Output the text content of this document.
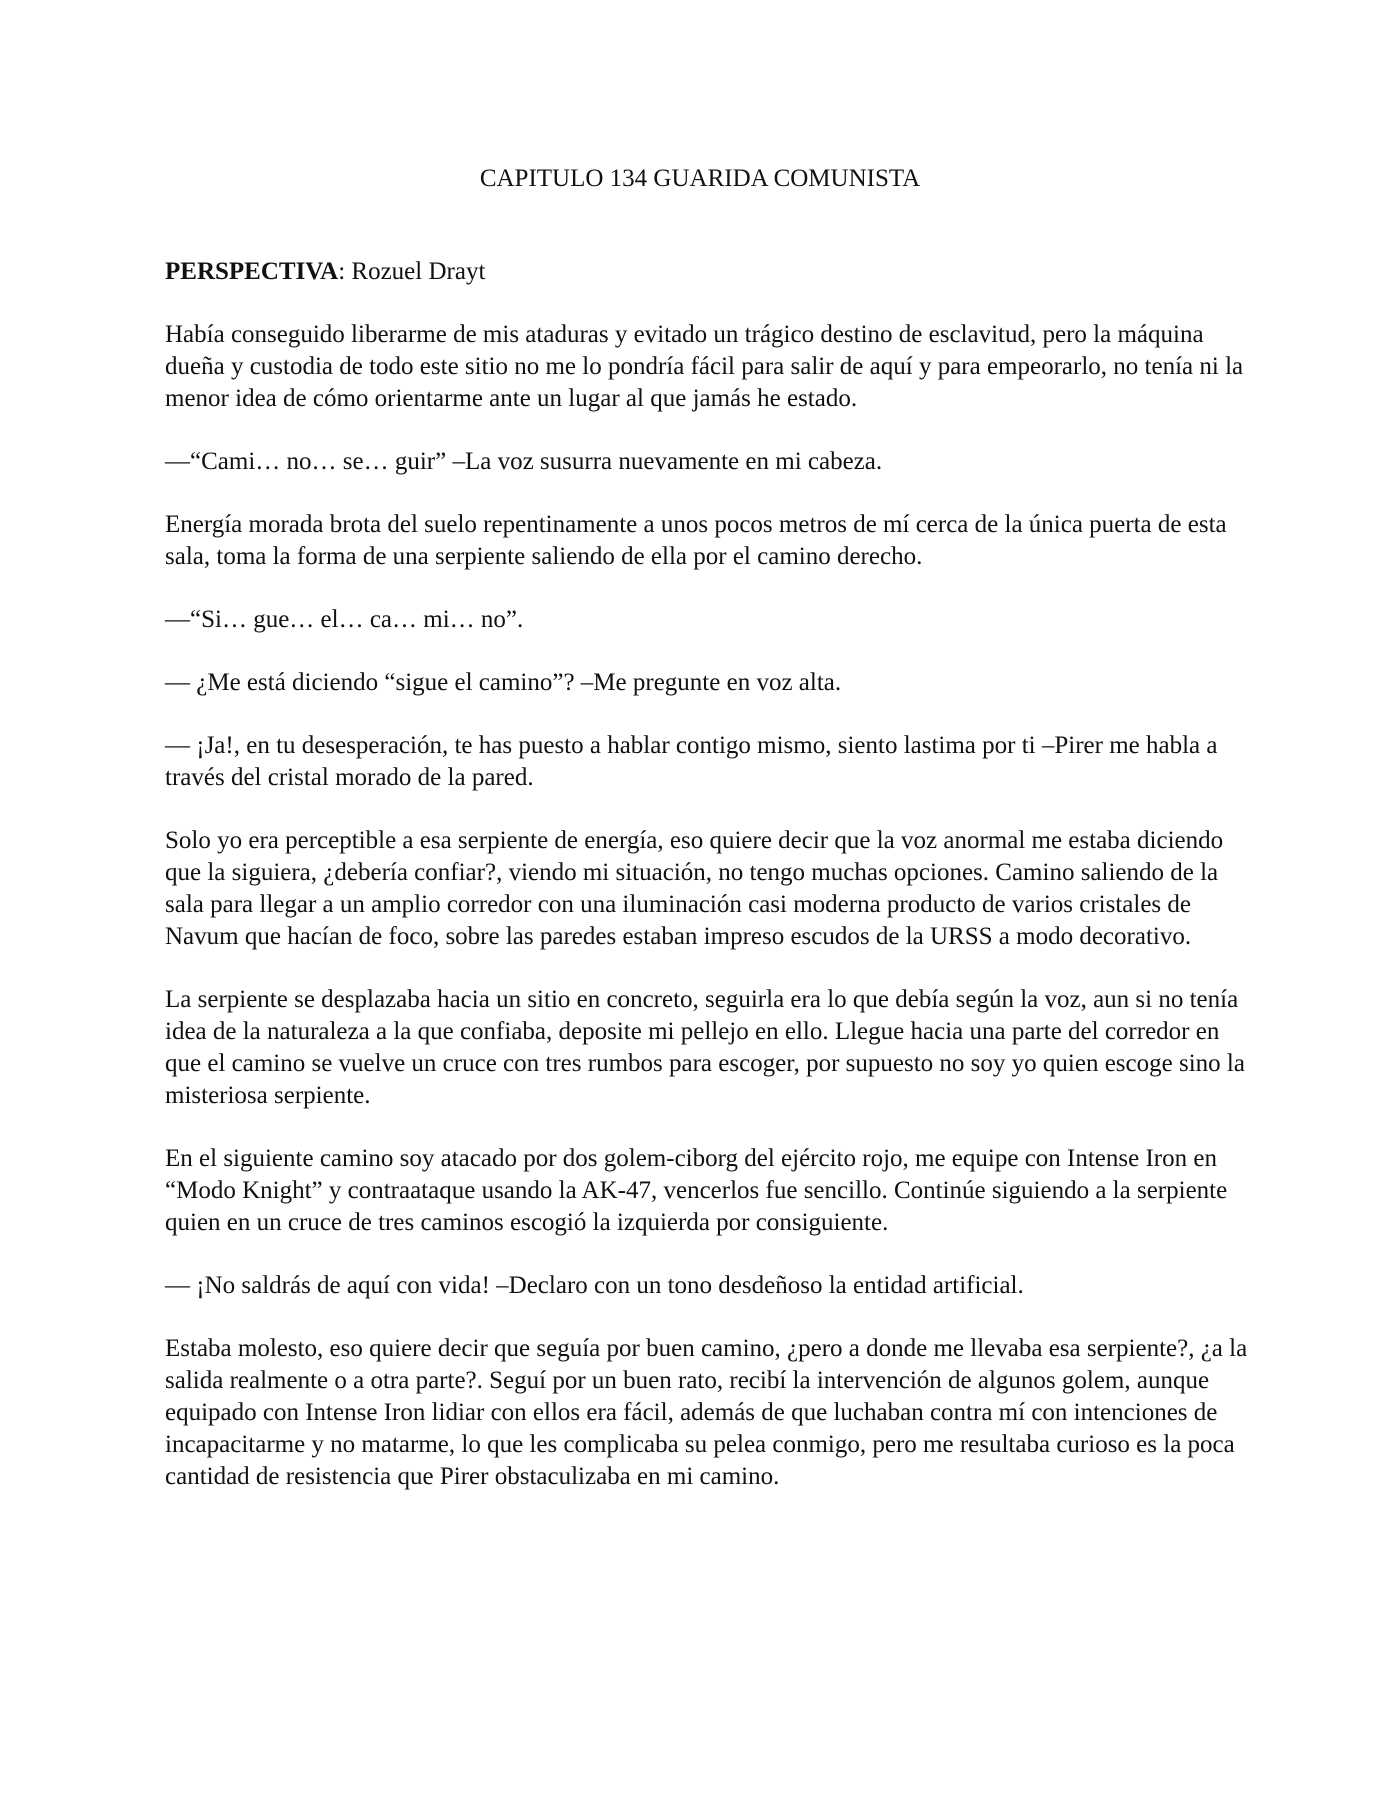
CAPITULO 134 GUARIDA COMUNISTA

PERSPECTIVA: Rozuel Drayt

Había conseguido liberarme de mis ataduras y evitado un trágico destino de esclavitud, pero la máquina dueña y custodia de todo este sitio no me lo pondría fácil para salir de aquí y para empeorarlo, no tenía ni la menor idea de cómo orientarme ante un lugar al que jamás he estado.

—“Cami… no… se… guir” –La voz susurra nuevamente en mi cabeza.

Energía morada brota del suelo repentinamente a unos pocos metros de mí cerca de la única puerta de esta sala, toma la forma de una serpiente saliendo de ella por el camino derecho.

—“Si… gue… el… ca… mi… no”.

— ¿Me está diciendo “sigue el camino”? –Me pregunte en voz alta.

— ¡Ja!, en tu desesperación, te has puesto a hablar contigo mismo, siento lastima por ti –Pirer me habla a través del cristal morado de la pared.

Solo yo era perceptible a esa serpiente de energía, eso quiere decir que la voz anormal me estaba diciendo que la siguiera, ¿debería confiar?, viendo mi situación, no tengo muchas opciones. Camino saliendo de la sala para llegar a un amplio corredor con una iluminación casi moderna producto de varios cristales de Navum que hacían de foco, sobre las paredes estaban impreso escudos de la URSS a modo decorativo.

La serpiente se desplazaba hacia un sitio en concreto, seguirla era lo que debía según la voz, aun si no tenía idea de la naturaleza a la que confiaba, deposite mi pellejo en ello. Llegue hacia una parte del corredor en que el camino se vuelve un cruce con tres rumbos para escoger, por supuesto no soy yo quien escoge sino la misteriosa serpiente.

En el siguiente camino soy atacado por dos golem-ciborg del ejército rojo, me equipe con Intense Iron en “Modo Knight” y contraataque usando la AK-47, vencerlos fue sencillo. Continúe siguiendo a la serpiente quien en un cruce de tres caminos escogió la izquierda por consiguiente.

— ¡No saldrás de aquí con vida! –Declaro con un tono desdeñoso la entidad artificial.

Estaba molesto, eso quiere decir que seguía por buen camino, ¿pero a donde me llevaba esa serpiente?, ¿a la salida realmente o a otra parte?. Seguí por un buen rato, recibí la intervención de algunos golem, aunque equipado con Intense Iron lidiar con ellos era fácil, además de que luchaban contra mí con intenciones de incapacitarme y no matarme, lo que les complicaba su pelea conmigo, pero me resultaba curioso es la poca cantidad de resistencia que Pirer obstaculizaba en mi camino.
